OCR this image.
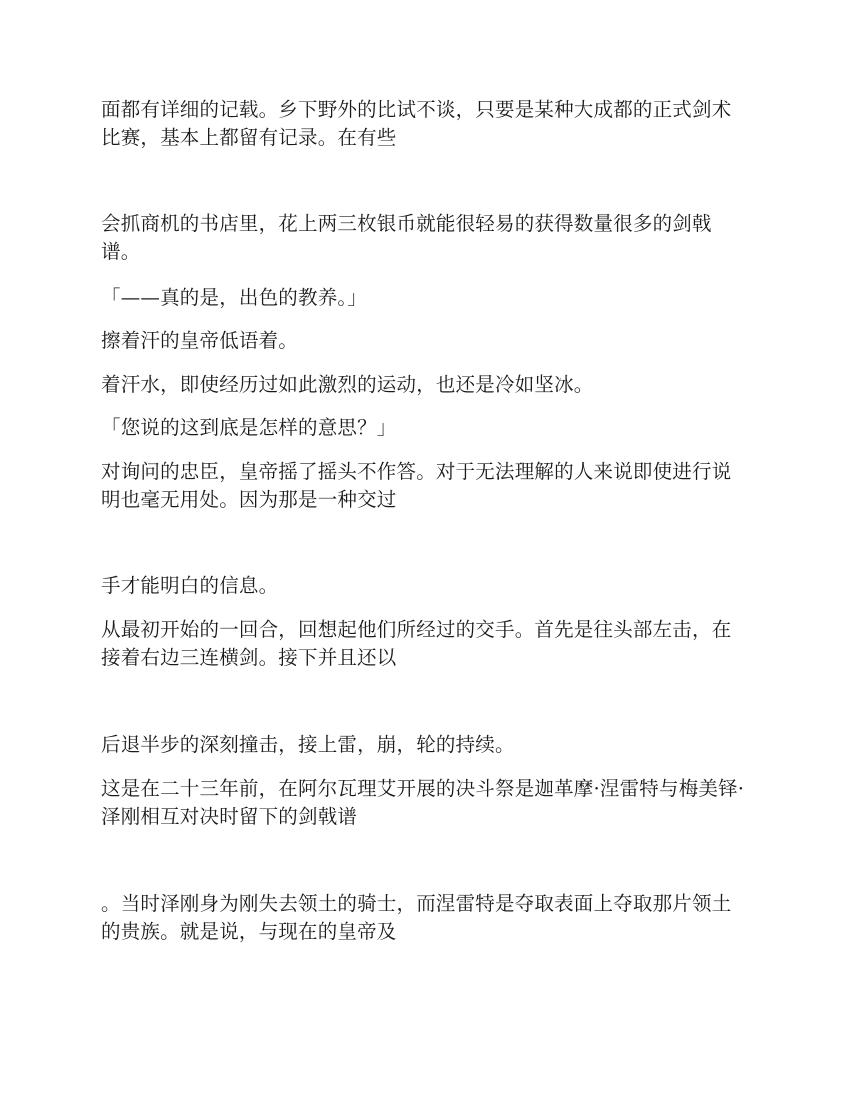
面都有详细的记载。乡下野外的比试不谈，只要是某种大成都的正式剑术比赛，基本上都留有记录。在有些

会抓商机的书店里，花上两三枚银币就能很轻易的获得数量很多的剑戟谱。

「——真的是，出色的教养。」

擦着汗的皇帝低语着。

着汗水，即使经历过如此激烈的运动，也还是冷如坚冰。

「您说的这到底是怎样的意思？」

对询问的忠臣，皇帝摇了摇头不作答。对于无法理解的人来说即使进行说明也毫无用处。因为那是一种交过

手才能明白的信息。

从最初开始的一回合，回想起他们所经过的交手。首先是往头部左击，在接着右边三连横剑。接下并且还以

后退半步的深刻撞击，接上雷，崩，轮的持续。

这是在二十三年前，在阿尔瓦理艾开展的决斗祭是迦革摩·涅雷特与梅美铎·泽刚相互对决时留下的剑戟谱

。当时泽刚身为刚失去领土的骑士，而涅雷特是夺取表面上夺取那片领土的贵族。就是说，与现在的皇帝及
